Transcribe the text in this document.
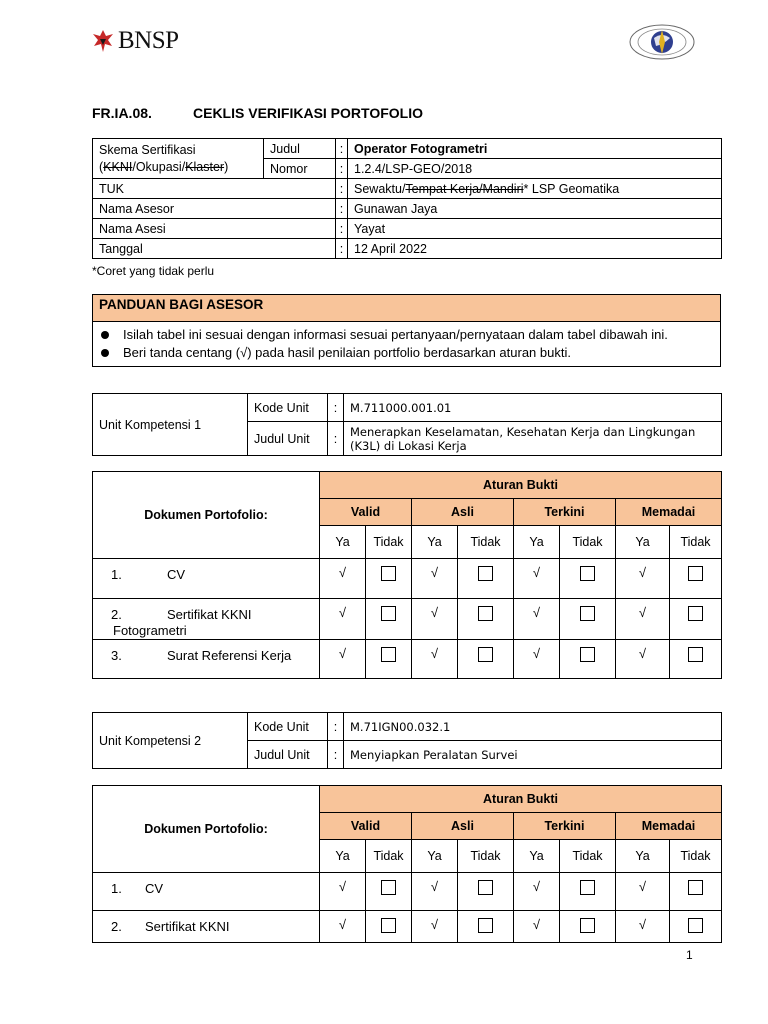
BNSP
FR.IA.08.	CEKLIS VERIFIKASI PORTOFOLIO
Skema Sertifikasi
(KKNI/Okupasi/Klaster)	Judul	:	Operator Fotogrametri
	Nomor	:	1.2.4/LSP-GEO/2018
TUK		:	Sewaktu/Tempat Kerja/Mandiri* LSP Geomatika
Nama Asesor		:	Gunawan Jaya
Nama Asesi		:	Yayat
Tanggal		:	12 April 2022
*Coret yang tidak perlu
PANDUAN BAGI ASESOR
Isilah tabel ini sesuai dengan informasi sesuai pertanyaan/pernyataan dalam tabel dibawah ini.
Beri tanda centang (√) pada hasil penilaian portfolio berdasarkan aturan bukti.
Unit Kompetensi 1	Kode Unit	:	M.711000.001.01
	Judul Unit	:	Menerapkan Keselamatan, Kesehatan Kerja dan Lingkungan (K3L) di Lokasi Kerja
Dokumen Portofolio:	Aturan Bukti							
	Valid		Asli		Terkini		Memadai	
	Ya	Tidak	Ya	Tidak	Ya	Tidak	Ya	Tidak
1. CV	√		√		√		√	
2. Sertifikat KKNI
Fotogrametri	√		√		√		√	
3. Surat Referensi Kerja	√		√		√		√	
Unit Kompetensi 2	Kode Unit	:	M.71IGN00.032.1
	Judul Unit	:	Menyiapkan Peralatan Survei
Dokumen Portofolio:	Aturan Bukti							
	Valid		Asli		Terkini		Memadai	
	Ya	Tidak	Ya	Tidak	Ya	Tidak	Ya	Tidak
1. CV	√		√		√		√	
2. Sertifikat KKNI	√		√		√		√	
1
